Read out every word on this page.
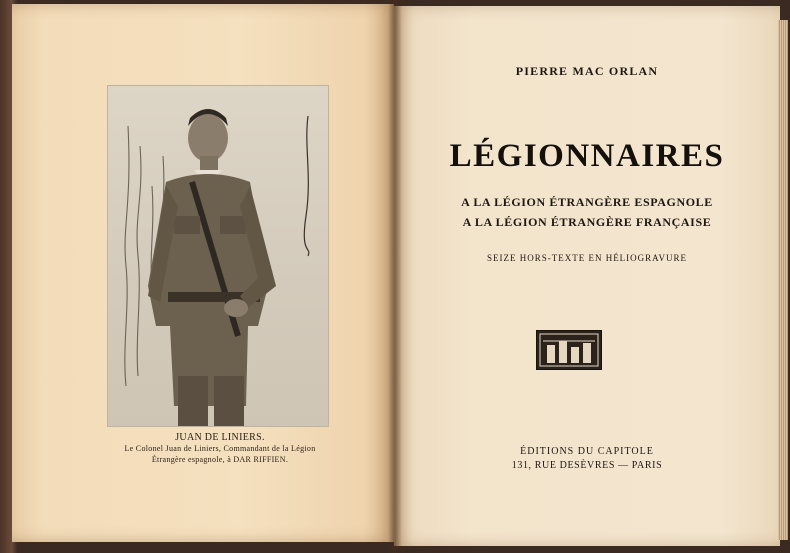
JUAN DE LINIERS.
Le Colonel Juan de Liniers, Commandant de la Légion
Étrangère espagnole, à DAR RIFFIEN.
PIERRE MAC ORLAN
LÉGIONNAIRES
A LA LÉGION ÉTRANGÈRE ESPAGNOLE
A LA LÉGION ÉTRANGÈRE FRANÇAISE
SEIZE HORS-TEXTE EN HÉLIOGRAVURE
ÉDITIONS DU CAPITOLE
131, RUE DESÈVRES — PARIS
